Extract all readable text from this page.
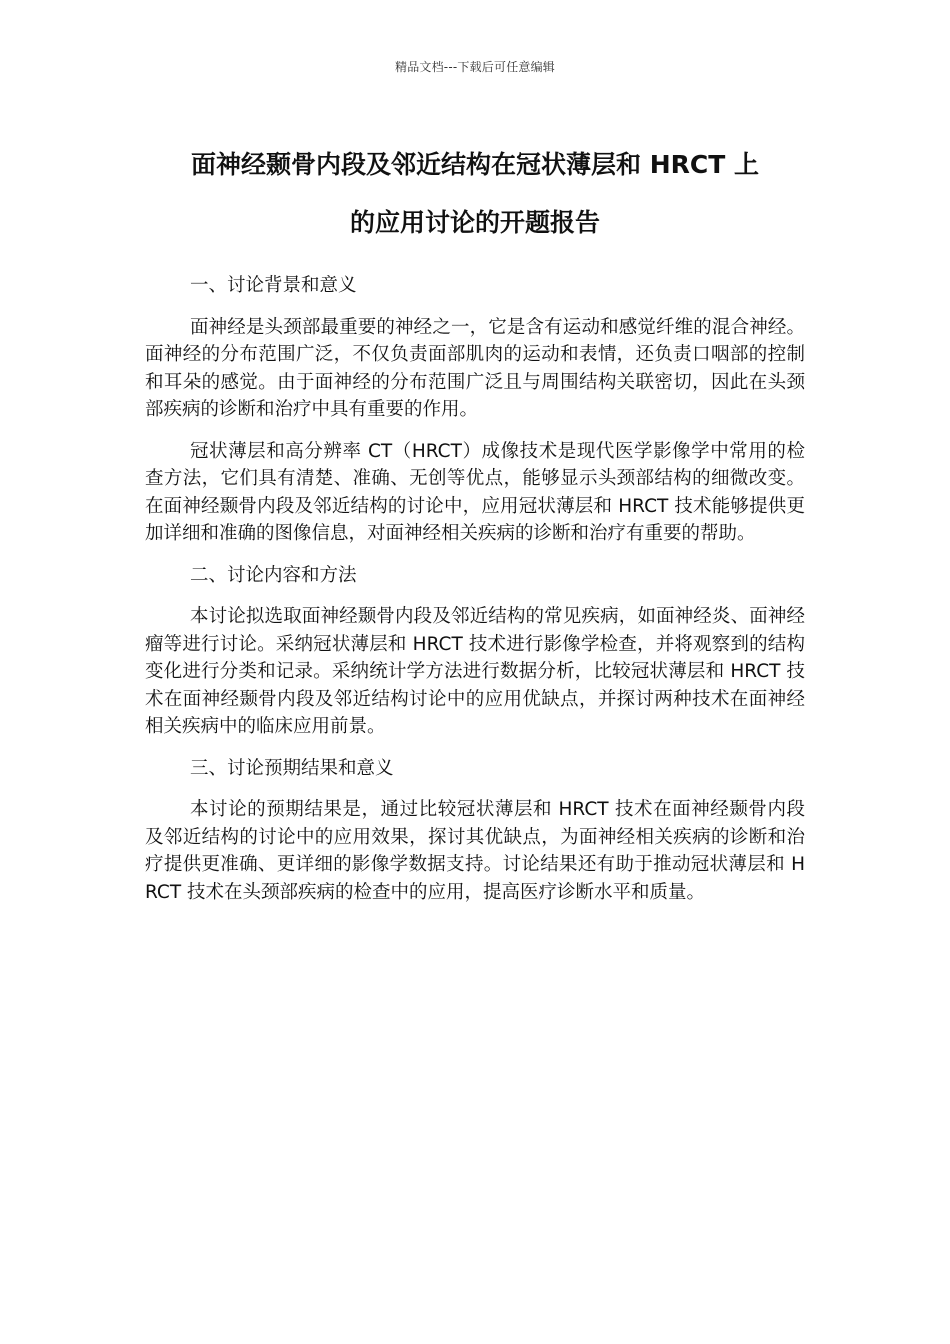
精品文档---下载后可任意编辑
面神经颞骨内段及邻近结构在冠状薄层和 HRCT 上
的应用讨论的开题报告

一、讨论背景和意义

面神经是头颈部最重要的神经之一，它是含有运动和感觉纤维的混合神经。面神经的分布范围广泛，不仅负责面部肌肉的运动和表情，还负责口咽部的控制和耳朵的感觉。由于面神经的分布范围广泛且与周围结构关联密切，因此在头颈部疾病的诊断和治疗中具有重要的作用。

冠状薄层和高分辨率 CT（HRCT）成像技术是现代医学影像学中常用的检查方法，它们具有清楚、准确、无创等优点，能够显示头颈部结构的细微改变。在面神经颞骨内段及邻近结构的讨论中，应用冠状薄层和 HRCT 技术能够提供更加详细和准确的图像信息，对面神经相关疾病的诊断和治疗有重要的帮助。

二、讨论内容和方法

本讨论拟选取面神经颞骨内段及邻近结构的常见疾病，如面神经炎、面神经瘤等进行讨论。采纳冠状薄层和 HRCT 技术进行影像学检查，并将观察到的结构变化进行分类和记录。采纳统计学方法进行数据分析，比较冠状薄层和 HRCT 技术在面神经颞骨内段及邻近结构讨论中的应用优缺点，并探讨两种技术在面神经相关疾病中的临床应用前景。

三、讨论预期结果和意义

本讨论的预期结果是，通过比较冠状薄层和 HRCT 技术在面神经颞骨内段及邻近结构的讨论中的应用效果，探讨其优缺点，为面神经相关疾病的诊断和治疗提供更准确、更详细的影像学数据支持。讨论结果还有助于推动冠状薄层和 HRCT 技术在头颈部疾病的检查中的应用，提高医疗诊断水平和质量。
